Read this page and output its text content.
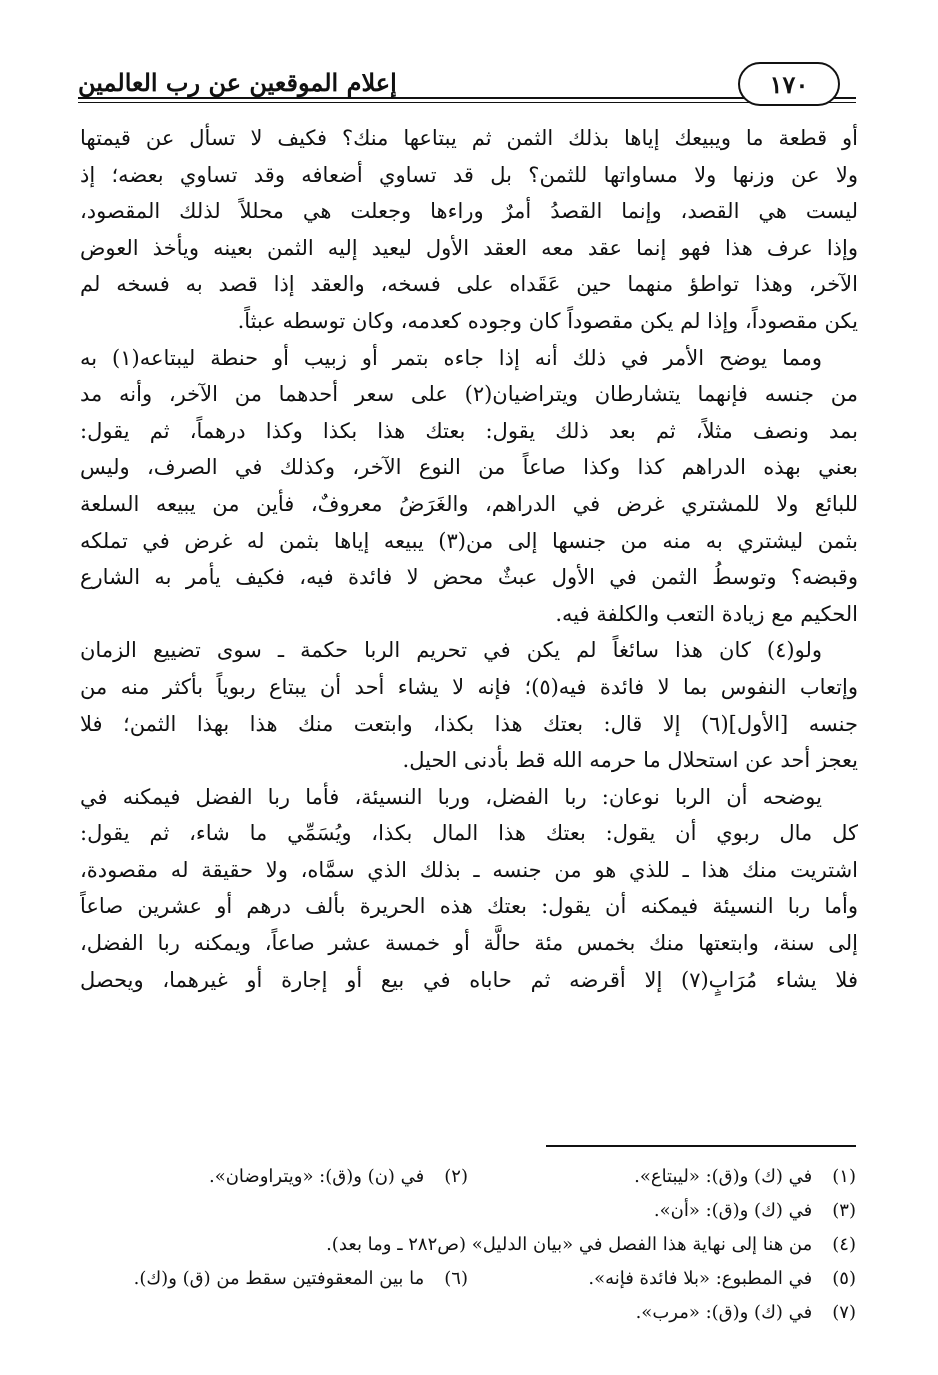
إعلام الموقعين عن رب العالمين	١٧٠
أو قطعة ما ويبيعك إياها بذلك الثمن ثم يبتاعها منك؟ فكيف لا تسأل عن قيمتها
ولا عن وزنها ولا مساواتها للثمن؟ بل قد تساوي أضعافه وقد تساوي بعضه؛ إذ
ليست هي القصد، وإنما القصدُ أمرٌ وراءها وجعلت هي محللاً لذلك المقصود،
وإذا عرف هذا فهو إنما عقد معه العقد الأول ليعيد إليه الثمن بعينه ويأخذ العوض
الآخر، وهذا تواطؤ منهما حين عَقَداه على فسخه، والعقد إذا قصد به فسخه لم
يكن مقصوداً، وإذا لم يكن مقصوداً كان وجوده كعدمه، وكان توسطه عبثاً.
ومما يوضح الأمر في ذلك أنه إذا جاءه بتمر أو زبيب أو حنطة ليبتاعه(١) به
من جنسه فإنهما يتشارطان ويتراضيان(٢) على سعر أحدهما من الآخر، وأنه مد
بمد ونصف مثلاً، ثم بعد ذلك يقول: بعتك هذا بكذا وكذا درهماً، ثم يقول:
بعني بهذه الدراهم كذا وكذا صاعاً من النوع الآخر، وكذلك في الصرف، وليس
للبائع ولا للمشتري غرض في الدراهم، والغَرَضُ معروفٌ، فأين من يبيعه السلعة
بثمن ليشتري به منه من جنسها إلى من(٣) يبيعه إياها بثمن له غرض في تملكه
وقبضه؟ وتوسطُ الثمن في الأول عبثٌ محض لا فائدة فيه، فكيف يأمر به الشارع
الحكيم مع زيادة التعب والكلفة فيه.
ولو(٤) كان هذا سائغاً لم يكن في تحريم الربا حكمة ـ سوى تضييع الزمان
وإتعاب النفوس بما لا فائدة فيه(٥)؛ فإنه لا يشاء أحد أن يبتاع ربوياً بأكثر منه من
جنسه [الأول](٦) إلا قال: بعتك هذا بكذا، وابتعت منك هذا بهذا الثمن؛ فلا
يعجز أحد عن استحلال ما حرمه الله قط بأدنى الحيل.
يوضحه أن الربا نوعان: ربا الفضل، وربا النسيئة، فأما ربا الفضل فيمكنه في
كل مال ربوي أن يقول: بعتك هذا المال بكذا، ويُسَمِّي ما شاء، ثم يقول:
اشتريت منك هذا ـ للذي هو من جنسه ـ بذلك الذي سمَّاه، ولا حقيقة له مقصودة،
وأما ربا النسيئة فيمكنه أن يقول: بعتك هذه الحريرة بألف درهم أو عشرين صاعاً
إلى سنة، وابتعتها منك بخمس مئة حالَّة أو خمسة عشر صاعاً، ويمكنه ربا الفضل،
فلا يشاء مُرَابٍ(٧) إلا أقرضه ثم حاباه في بيع أو إجارة أو غيرهما، ويحصل
(١) في (ك) و(ق): «ليبتاع».
(٢) في (ن) و(ق): «ويتراوضان».
(٣) في (ك) و(ق): «أن».
(٤) من هنا إلى نهاية هذا الفصل في «بيان الدليل» (ص٢٨٢ ـ وما بعد).
(٥) في المطبوع: «بلا فائدة فإنه».
(٦) ما بين المعقوفتين سقط من (ق) و(ك).
(٧) في (ك) و(ق): «مرب».
